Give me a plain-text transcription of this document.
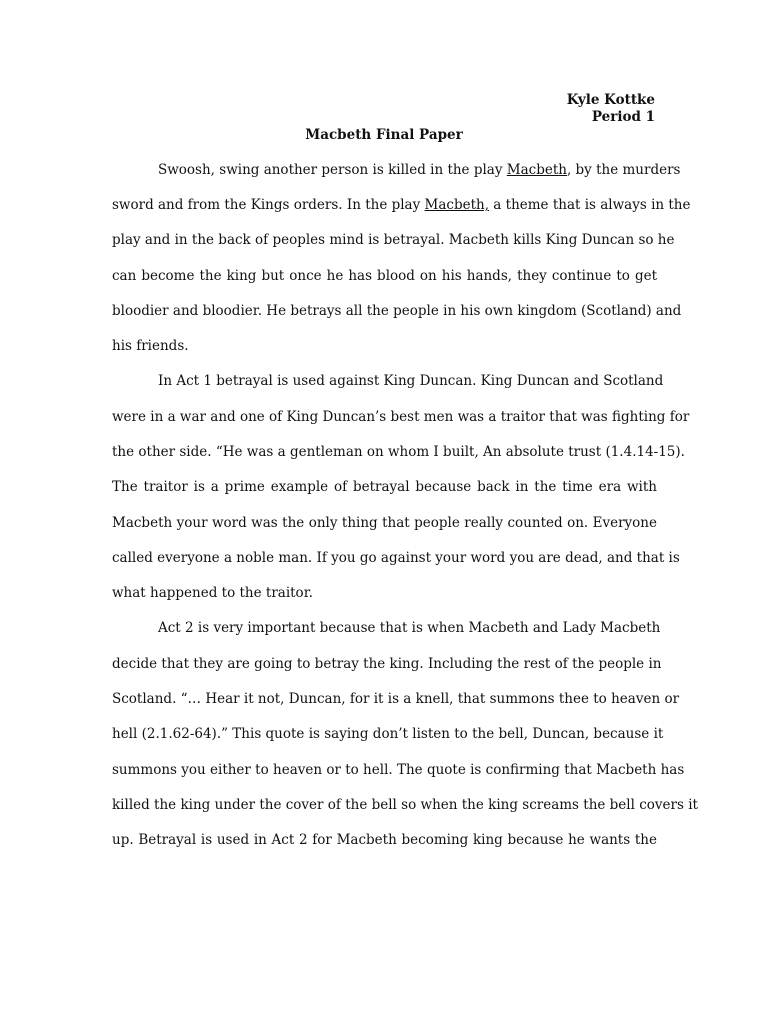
Kyle Kottke
Period 1
Macbeth Final Paper
Swoosh, swing another person is killed in the play Macbeth, by the murders
sword and from the Kings orders. In the play Macbeth, a theme that is always in the
play and in the back of peoples mind is betrayal. Macbeth kills King Duncan so he
can become the king but once he has blood on his hands, they continue to get
bloodier and bloodier. He betrays all the people in his own kingdom (Scotland) and
his friends.
In Act 1 betrayal is used against King Duncan. King Duncan and Scotland
were in a war and one of King Duncan’s best men was a traitor that was fighting for
the other side. “He was a gentleman on whom I built, An absolute trust (1.4.14-15).
The traitor is a prime example of betrayal because back in the time era with
Macbeth your word was the only thing that people really counted on. Everyone
called everyone a noble man. If you go against your word you are dead, and that is
what happened to the traitor.
Act 2 is very important because that is when Macbeth and Lady Macbeth
decide that they are going to betray the king. Including the rest of the people in
Scotland. “… Hear it not, Duncan, for it is a knell, that summons thee to heaven or
hell (2.1.62-64).” This quote is saying don’t listen to the bell, Duncan, because it
summons you either to heaven or to hell. The quote is confirming that Macbeth has
killed the king under the cover of the bell so when the king screams the bell covers it
up. Betrayal is used in Act 2 for Macbeth becoming king because he wants the
